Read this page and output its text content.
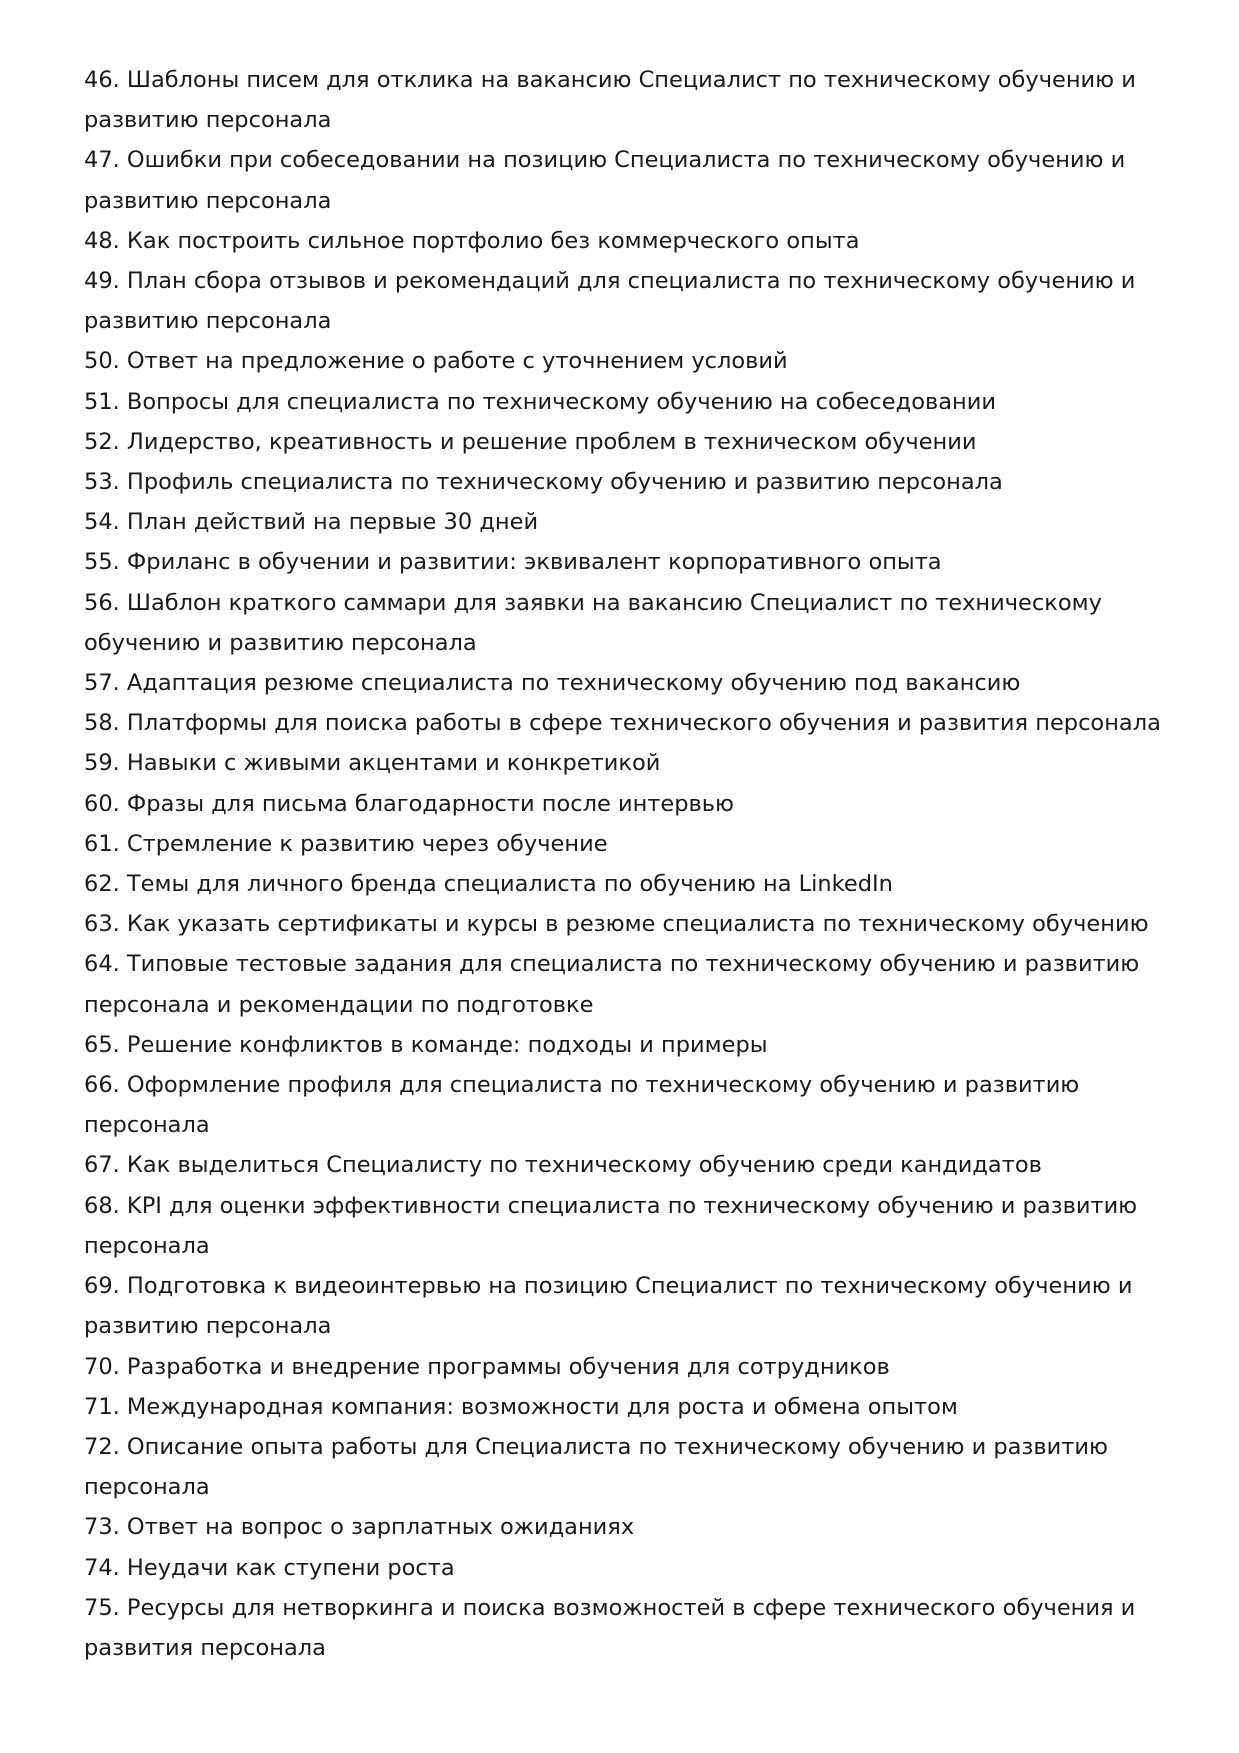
46. Шаблоны писем для отклика на вакансию Специалист по техническому обучению и развитию персонала
47. Ошибки при собеседовании на позицию Специалиста по техническому обучению и развитию персонала
48. Как построить сильное портфолио без коммерческого опыта
49. План сбора отзывов и рекомендаций для специалиста по техническому обучению и развитию персонала
50. Ответ на предложение о работе с уточнением условий
51. Вопросы для специалиста по техническому обучению на собеседовании
52. Лидерство, креативность и решение проблем в техническом обучении
53. Профиль специалиста по техническому обучению и развитию персонала
54. План действий на первые 30 дней
55. Фриланс в обучении и развитии: эквивалент корпоративного опыта
56. Шаблон краткого саммари для заявки на вакансию Специалист по техническому обучению и развитию персонала
57. Адаптация резюме специалиста по техническому обучению под вакансию
58. Платформы для поиска работы в сфере технического обучения и развития персонала
59. Навыки с живыми акцентами и конкретикой
60. Фразы для письма благодарности после интервью
61. Стремление к развитию через обучение
62. Темы для личного бренда специалиста по обучению на LinkedIn
63. Как указать сертификаты и курсы в резюме специалиста по техническому обучению
64. Типовые тестовые задания для специалиста по техническому обучению и развитию персонала и рекомендации по подготовке
65. Решение конфликтов в команде: подходы и примеры
66. Оформление профиля для специалиста по техническому обучению и развитию персонала
67. Как выделиться Специалисту по техническому обучению среди кандидатов
68. KPI для оценки эффективности специалиста по техническому обучению и развитию персонала
69. Подготовка к видеоинтервью на позицию Специалист по техническому обучению и развитию персонала
70. Разработка и внедрение программы обучения для сотрудников
71. Международная компания: возможности для роста и обмена опытом
72. Описание опыта работы для Специалиста по техническому обучению и развитию персонала
73. Ответ на вопрос о зарплатных ожиданиях
74. Неудачи как ступени роста
75. Ресурсы для нетворкинга и поиска возможностей в сфере технического обучения и развития персонала
